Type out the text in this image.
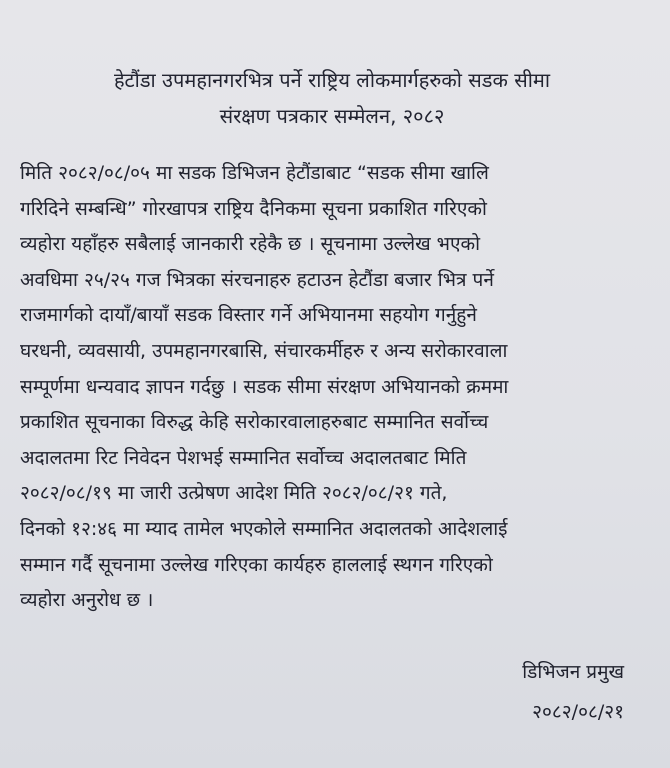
हेटौंडा उपमहानगरभित्र पर्ने राष्ट्रिय लोकमार्गहरुको सडक सीमा
संरक्षण पत्रकार सम्मेलन, २०८२
मिति २०८२/०८/०५ मा सडक डिभिजन हेटौंडाबाट “सडक सीमा खालि
गरिदिने सम्बन्धि” गोरखापत्र राष्ट्रिय दैनिकमा सूचना प्रकाशित गरिएको
व्यहोरा यहाँहरु सबैलाई जानकारी रहेकै छ । सूचनामा उल्लेख भएको
अवधिमा २५/२५ गज भित्रका संरचनाहरु हटाउन हेटौंडा बजार भित्र पर्ने
राजमार्गको दायाँ/बायाँ सडक विस्तार गर्ने अभियानमा सहयोग गर्नुहुने
घरधनी, व्यवसायी, उपमहानगरबासि, संचारकर्मीहरु र अन्य सरोकारवाला
सम्पूर्णमा धन्यवाद ज्ञापन गर्दछु । सडक सीमा संरक्षण अभियानको क्रममा
प्रकाशित सूचनाका विरुद्ध केहि सरोकारवालाहरुबाट सम्मानित सर्वोच्च
अदालतमा रिट निवेदन पेशभई सम्मानित सर्वोच्च अदालतबाट मिति
२०८२/०८/१९ मा जारी उत्प्रेषण आदेश मिति २०८२/०८/२१ गते,
दिनको १२:४६ मा म्याद तामेल भएकोले सम्मानित अदालतको आदेशलाई
सम्मान गर्दै सूचनामा उल्लेख गरिएका कार्यहरु हाललाई स्थगन गरिएको
व्यहोरा अनुरोध छ ।
डिभिजन प्रमुख
२०८२/०८/२१
